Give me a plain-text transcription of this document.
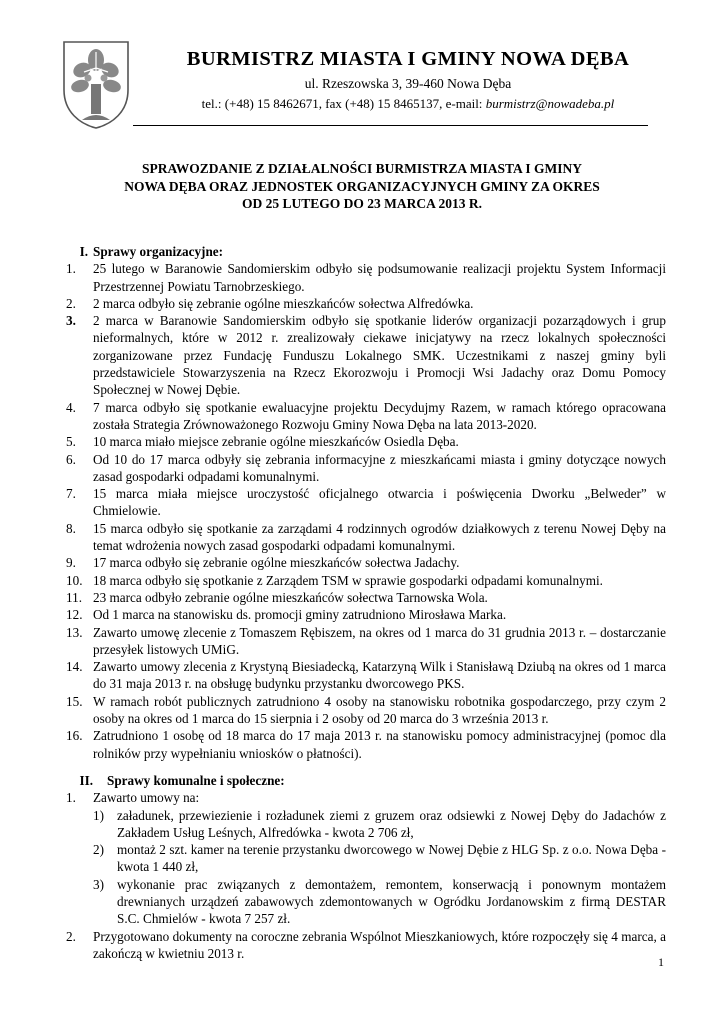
BURMISTRZ MIASTA I GMINY NOWA DĘBA
ul. Rzeszowska 3, 39-460 Nowa Dęba
tel.: (+48) 15 8462671, fax (+48) 15 8465137, e-mail: burmistrz@nowadeba.pl
SPRAWOZDANIE Z DZIAŁALNOŚCI BURMISTRZA MIASTA I GMINY
NOWA DĘBA ORAZ JEDNOSTEK ORGANIZACYJNYCH GMINY ZA OKRES
OD 25 LUTEGO DO 23 MARCA 2013 R.
I. Sprawy organizacyjne:
1.	25 lutego w Baranowie Sandomierskim odbyło się podsumowanie realizacji projektu System Informacji Przestrzennej Powiatu Tarnobrzeskiego.
2.	2 marca odbyło się zebranie ogólne mieszkańców sołectwa Alfredówka.
3.	2 marca w Baranowie Sandomierskim odbyło się spotkanie liderów organizacji pozarządowych i grup nieformalnych, które w 2012 r. zrealizowały ciekawe inicjatywy na rzecz lokalnych społeczności zorganizowane przez Fundację Funduszu Lokalnego SMK. Uczestnikami z naszej gminy byli przedstawiciele Stowarzyszenia na Rzecz Ekorozwoju i Promocji Wsi Jadachy oraz Domu Pomocy Społecznej w Nowej Dębie.
4.	7 marca odbyło się spotkanie ewaluacyjne projektu Decydujmy Razem, w ramach którego opracowana została Strategia Zrównoważonego Rozwoju Gminy Nowa Dęba na lata 2013-2020.
5.	10 marca miało miejsce zebranie ogólne mieszkańców Osiedla Dęba.
6.	Od 10 do 17 marca odbyły się zebrania informacyjne z mieszkańcami miasta i gminy dotyczące nowych zasad gospodarki odpadami komunalnymi.
7.	15 marca miała miejsce uroczystość oficjalnego otwarcia i poświęcenia Dworku „Belweder” w Chmielowie.
8.	15 marca odbyło się spotkanie za zarządami 4 rodzinnych ogrodów działkowych z terenu Nowej Dęby na temat wdrożenia nowych zasad gospodarki odpadami komunalnymi.
9.	17 marca odbyło się zebranie ogólne mieszkańców sołectwa Jadachy.
10. 18 marca odbyło się spotkanie z Zarządem TSM w sprawie gospodarki odpadami komunalnymi.
11. 23 marca odbyło zebranie ogólne mieszkańców sołectwa Tarnowska Wola.
12. Od 1 marca na stanowisku ds. promocji gminy zatrudniono Mirosława Marka.
13. Zawarto umowę zlecenie z Tomaszem Rębiszem, na okres od 1 marca do 31 grudnia 2013 r. – dostarczanie przesyłek listowych UMiG.
14. Zawarto umowy zlecenia z Krystyną Biesiadecką, Katarzyną Wilk i Stanisławą Dziubą na okres od 1 marca do 31 maja 2013 r. na obsługę budynku przystanku dworcowego PKS.
15. W ramach robót publicznych zatrudniono 4 osoby na stanowisku robotnika gospodarczego, przy czym 2 osoby na okres od 1 marca do 15 sierpnia i 2 osoby od 20 marca do 3 września 2013 r.
16. Zatrudniono 1 osobę od 18 marca do 17 maja 2013 r. na stanowisku pomocy administracyjnej (pomoc dla rolników przy wypełnianiu wniosków o płatności).
II. Sprawy komunalne i społeczne:
1.	Zawarto umowy na:
1) załadunek, przewiezienie i rozładunek ziemi z gruzem oraz odsiewki z Nowej Dęby do Jadachów z Zakładem Usług Leśnych, Alfredówka - kwota 2 706 zł,
2) montaż 2 szt. kamer na terenie przystanku dworcowego w Nowej Dębie z HLG Sp. z o.o. Nowa Dęba - kwota 1 440 zł,
3) wykonanie prac związanych z demontażem, remontem, konserwacją i ponownym montażem drewnianych urządzeń zabawowych zdemontowanych w Ogródku Jordanowskim z firmą DESTAR S.C. Chmielów - kwota 7 257 zł.
2.	Przygotowano dokumenty na coroczne zebrania Wspólnot Mieszkaniowych, które rozpoczęły się 4 marca, a zakończą w kwietniu 2013 r.
1
